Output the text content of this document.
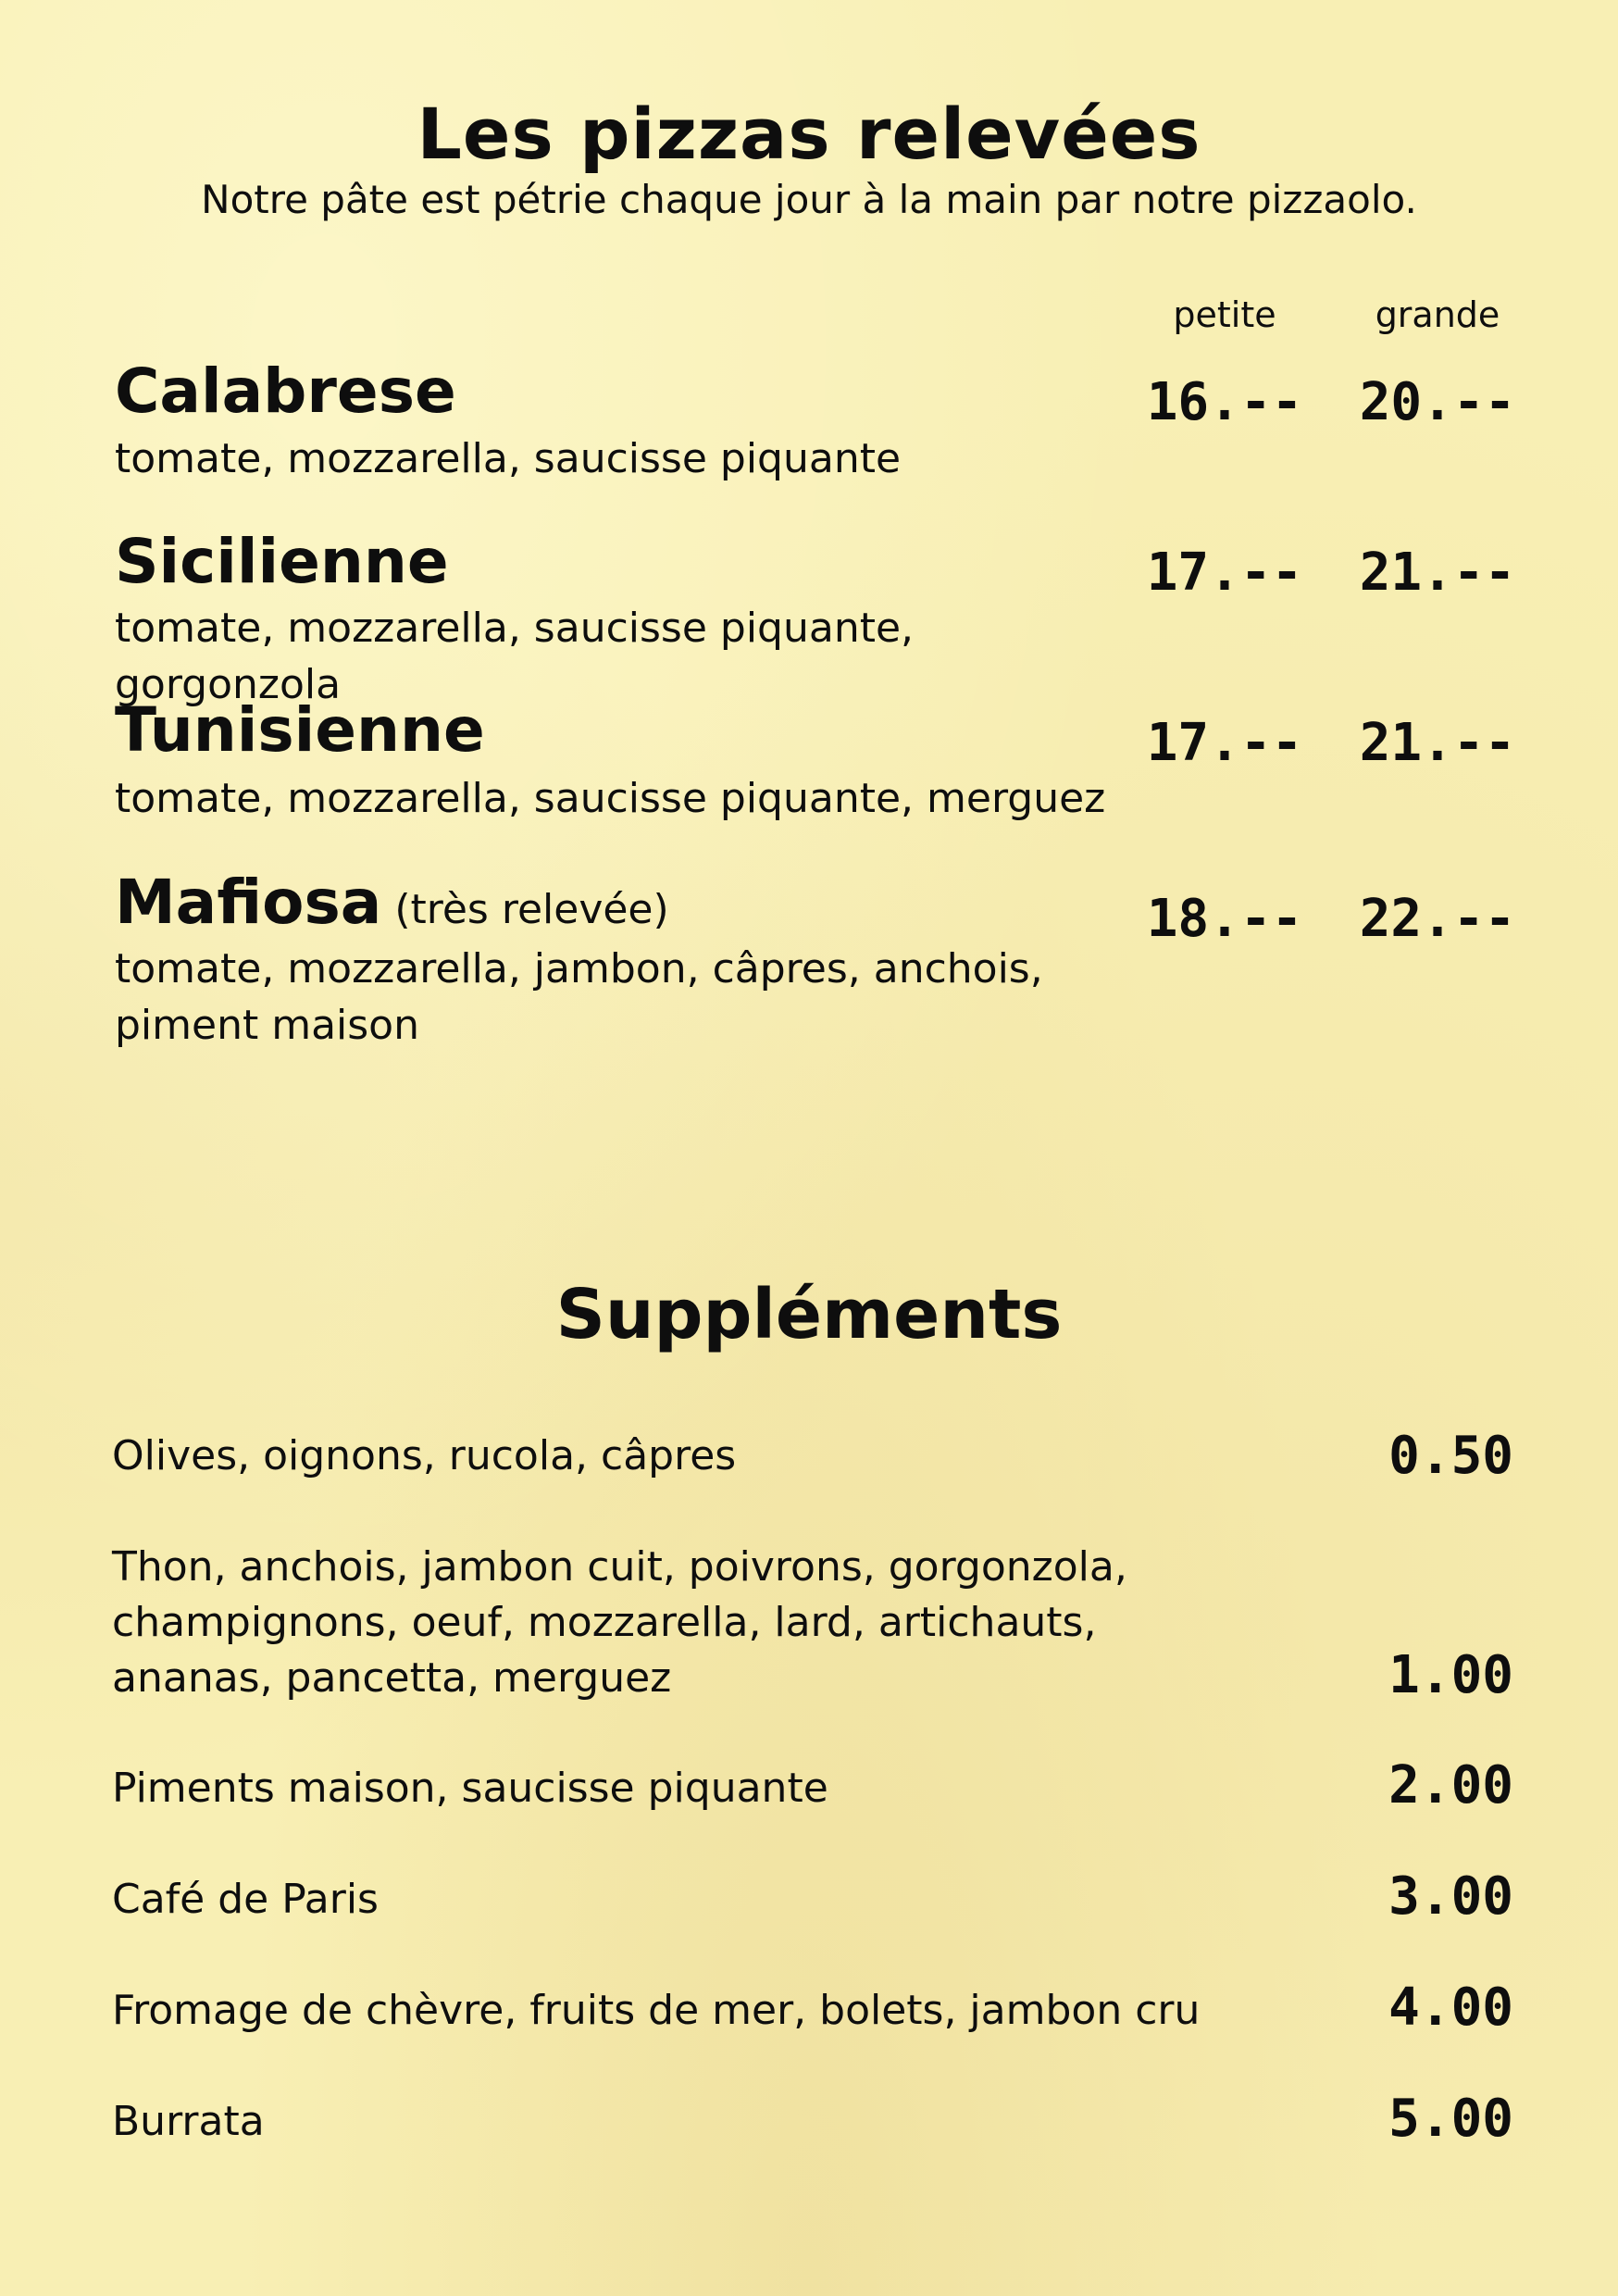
Les pizzas relevées
Notre pâte est pétrie chaque jour à la main par notre pizzaolo.
petite	grande
Calabrese
tomate, mozzarella, saucisse piquante
16.--	20.--
Sicilienne
tomate, mozzarella, saucisse piquante, gorgonzola
17.--	21.--
Tunisienne
tomate, mozzarella, saucisse piquante, merguez
17.--	21.--
Mafiosa (très relevée)
tomate, mozzarella, jambon, câpres, anchois,
piment maison
18.--	22.--
Suppléments
Olives, oignons, rucola, câpres	0.50
Thon, anchois, jambon cuit, poivrons, gorgonzola,
champignons, oeuf, mozzarella, lard, artichauts,
ananas, pancetta, merguez	1.00
Piments maison, saucisse piquante	2.00
Café de Paris	3.00
Fromage de chèvre, fruits de mer, bolets, jambon cru	4.00
Burrata	5.00
